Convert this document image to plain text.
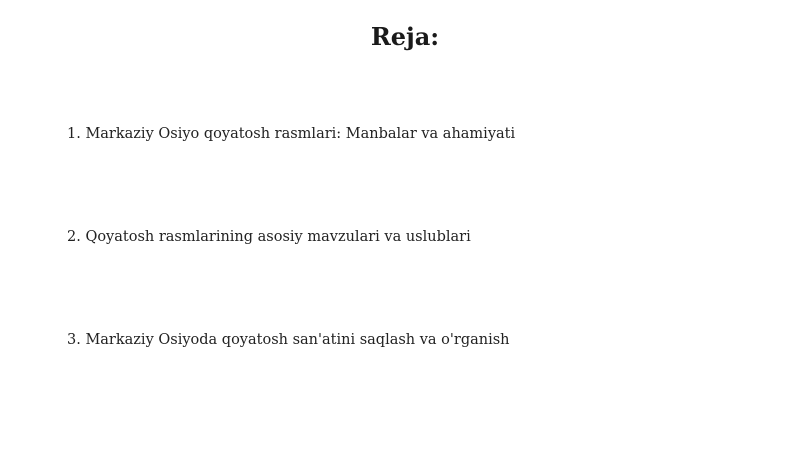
Reja:
1. Markaziy Osiyo qoyatosh rasmlari: Manbalar va ahamiyati
2. Qoyatosh rasmlarining asosiy mavzulari va uslublari
3. Markaziy Osiyoda qoyatosh san'atini saqlash va o'rganish
